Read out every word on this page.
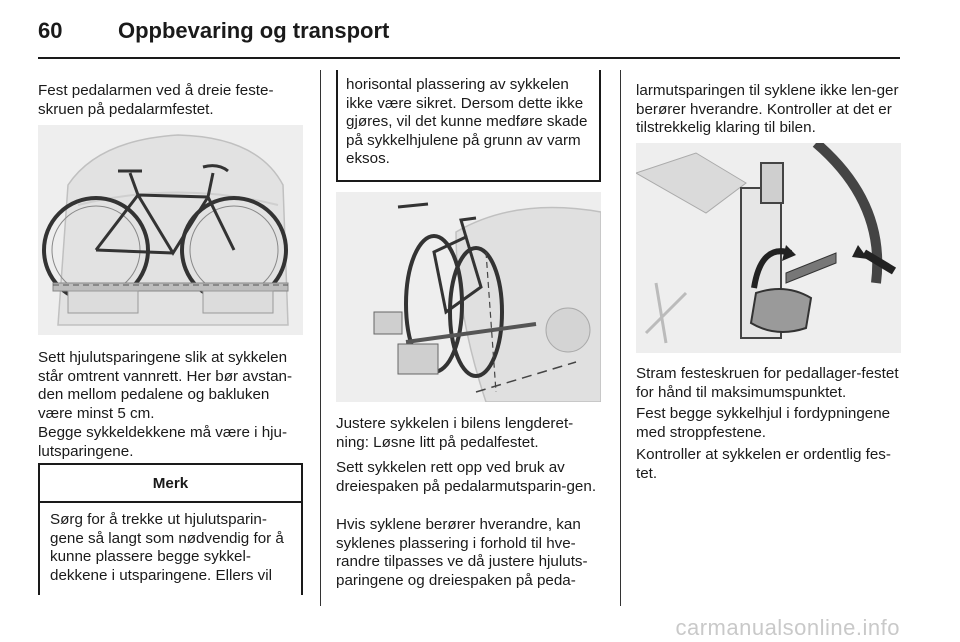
60	Oppbevaring og transport

Fest pedalarmen ved å dreie feste-skruen på pedalarmfestet.

Sett hjulutsparingene slik at sykkelen står omtrent vannrett. Her bør avstan-den mellom pedalene og bakluken være minst 5 cm.

Begge sykkeldekkene må være i hju-lutsparingene.

Merk

Sørg for å trekke ut hjulutsparin-gene så langt som nødvendig for å kunne plassere begge sykkel-dekkene i utsparingene. Ellers vil

horisontal plassering av sykkelen ikke være sikret. Dersom dette ikke gjøres, vil det kunne medføre skade på sykkelhjulene på grunn av varm eksos.

Justere sykkelen i bilens lengderet-ning: Løsne litt på pedalfestet.

Sett sykkelen rett opp ved bruk av dreiespaken på pedalarmutsparin-gen.

Hvis syklene berører hverandre, kan syklenes plassering i forhold til hve-randre tilpasses ve då justere hjuluts-paringene og dreiespaken på peda-

larmutsparingen til syklene ikke len-ger berører hverandre. Kontroller at det er tilstrekkelig klaring til bilen.

Stram festeskruen for pedallager-festet for hånd til maksimumspunktet.

Fest begge sykkelhjul i fordypningene med stroppfestene.

Kontroller at sykkelen er ordentlig fes-tet.

carmanualsonline.info
